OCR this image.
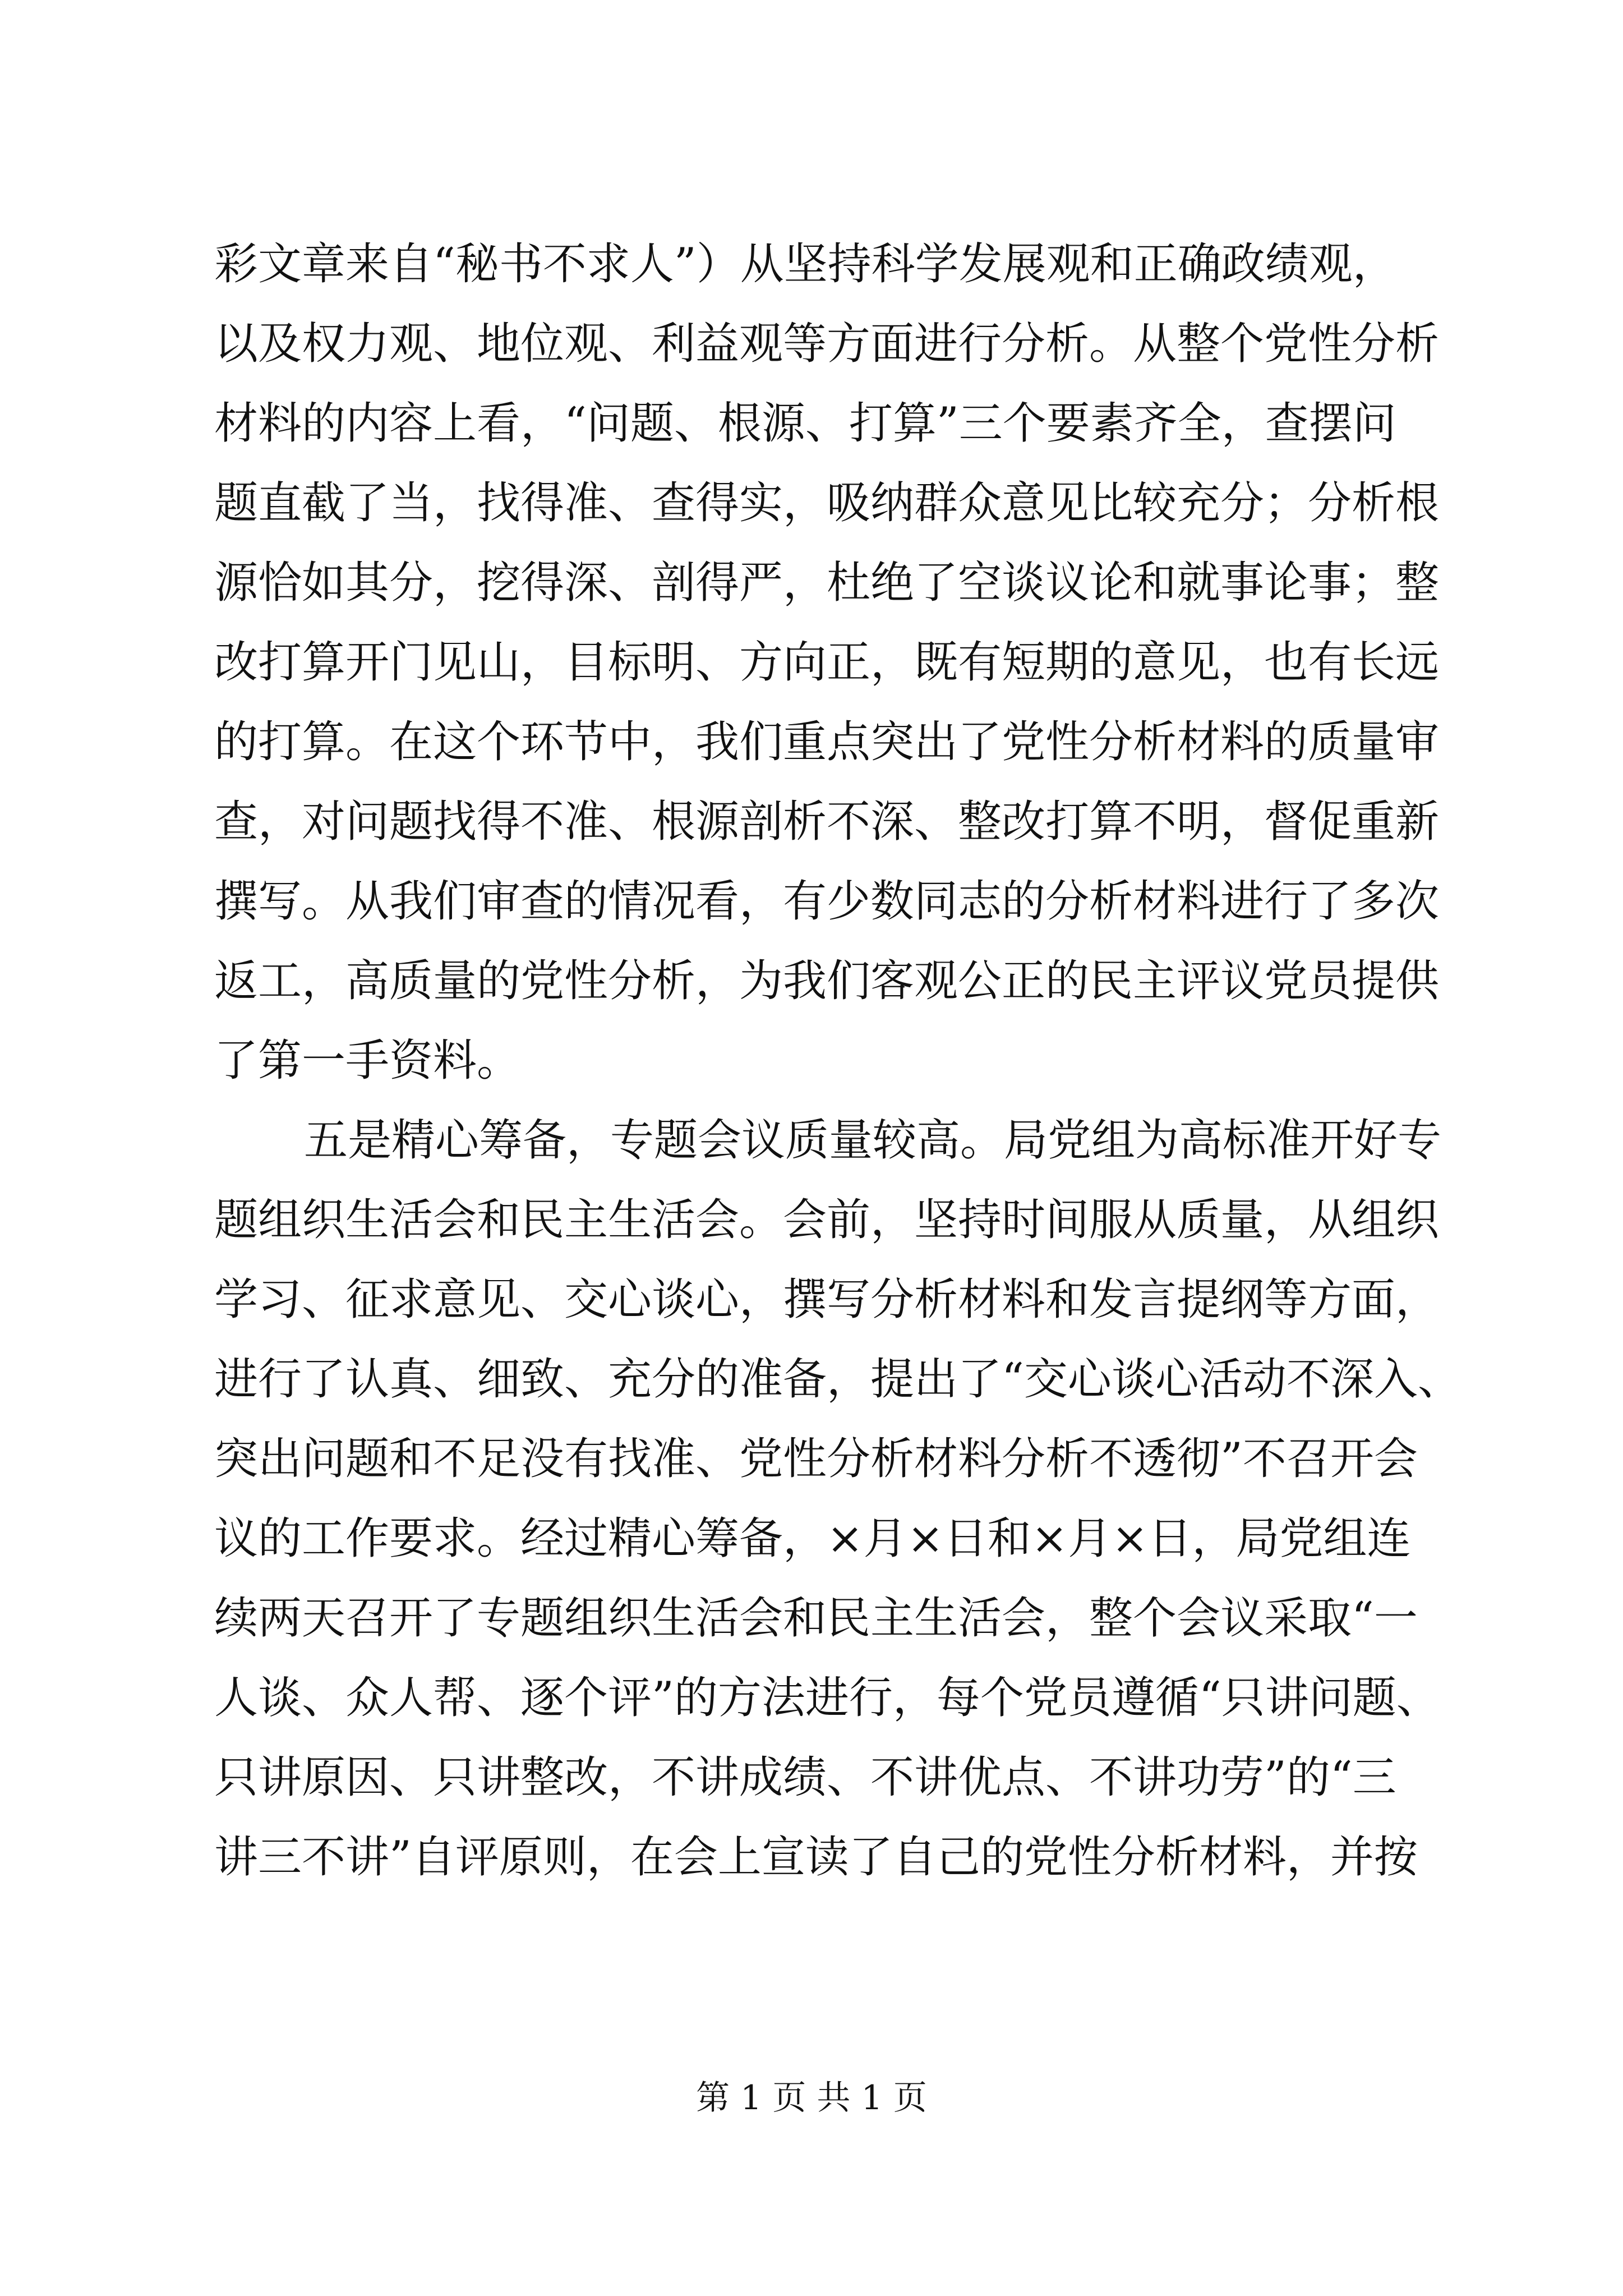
彩文章来自“秘书不求人”）从坚持科学发展观和正确政绩观，
以及权力观、地位观、利益观等方面进行分析。从整个党性分析
材料的内容上看，“问题、根源、打算”三个要素齐全，查摆问
题直截了当，找得准、查得实，吸纳群众意见比较充分；分析根
源恰如其分，挖得深、剖得严，杜绝了空谈议论和就事论事；整
改打算开门见山，目标明、方向正，既有短期的意见，也有长远
的打算。在这个环节中，我们重点突出了党性分析材料的质量审
查，对问题找得不准、根源剖析不深、整改打算不明，督促重新
撰写。从我们审查的情况看，有少数同志的分析材料进行了多次
返工，高质量的党性分析，为我们客观公正的民主评议党员提供
了第一手资料。
五是精心筹备，专题会议质量较高。局党组为高标准开好专
题组织生活会和民主生活会。会前，坚持时间服从质量，从组织
学习、征求意见、交心谈心，撰写分析材料和发言提纲等方面，
进行了认真、细致、充分的准备，提出了“交心谈心活动不深入、
突出问题和不足没有找准、党性分析材料分析不透彻”不召开会
议的工作要求。经过精心筹备，×月×日和×月×日，局党组连
续两天召开了专题组织生活会和民主生活会，整个会议采取“一
人谈、众人帮、逐个评”的方法进行，每个党员遵循“只讲问题、
只讲原因、只讲整改，不讲成绩、不讲优点、不讲功劳”的“三
讲三不讲”自评原则，在会上宣读了自己的党性分析材料，并按
第 1 页 共 1 页
